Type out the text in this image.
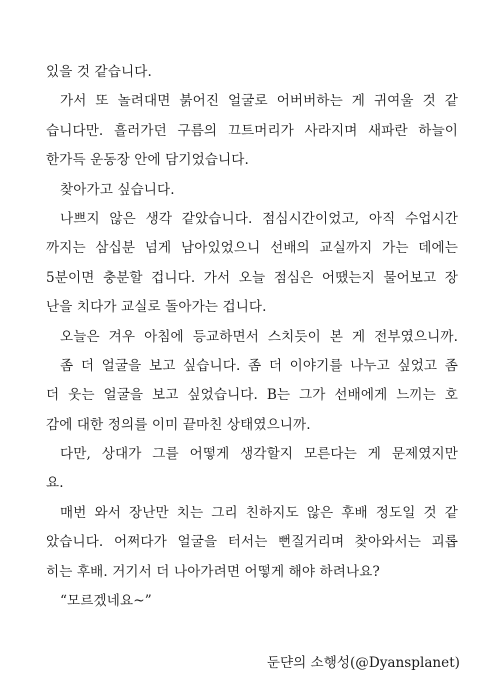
있을 것 같습니다.
가서 또 놀려대면 붉어진 얼굴로 어버버하는 게 귀여울 것 같
습니다만. 흘러가던 구름의 끄트머리가 사라지며 새파란 하늘이
한가득 운동장 안에 담기었습니다.
찾아가고 싶습니다.
나쁘지 않은 생각 같았습니다. 점심시간이었고, 아직 수업시간
까지는 삼십분 넘게 남아있었으니 선배의 교실까지 가는 데에는
5분이면 충분할 겁니다. 가서 오늘 점심은 어땠는지 물어보고 장
난을 치다가 교실로 돌아가는 겁니다.
오늘은 겨우 아침에 등교하면서 스치듯이 본 게 전부였으니까.
좀 더 얼굴을 보고 싶습니다. 좀 더 이야기를 나누고 싶었고 좀
더 웃는 얼굴을 보고 싶었습니다. B는 그가 선배에게 느끼는 호
감에 대한 정의를 이미 끝마친 상태였으니까.
다만, 상대가 그를 어떻게 생각할지 모른다는 게 문제였지만
요.
매번 와서 장난만 치는 그리 친하지도 않은 후배 정도일 것 같
았습니다. 어쩌다가 얼굴을 터서는 뻔질거리며 찾아와서는 괴롭
히는 후배. 거기서 더 나아가려면 어떻게 해야 하려나요?
“모르겠네요~”
둔댠의 소행성(@Dyansplanet)
